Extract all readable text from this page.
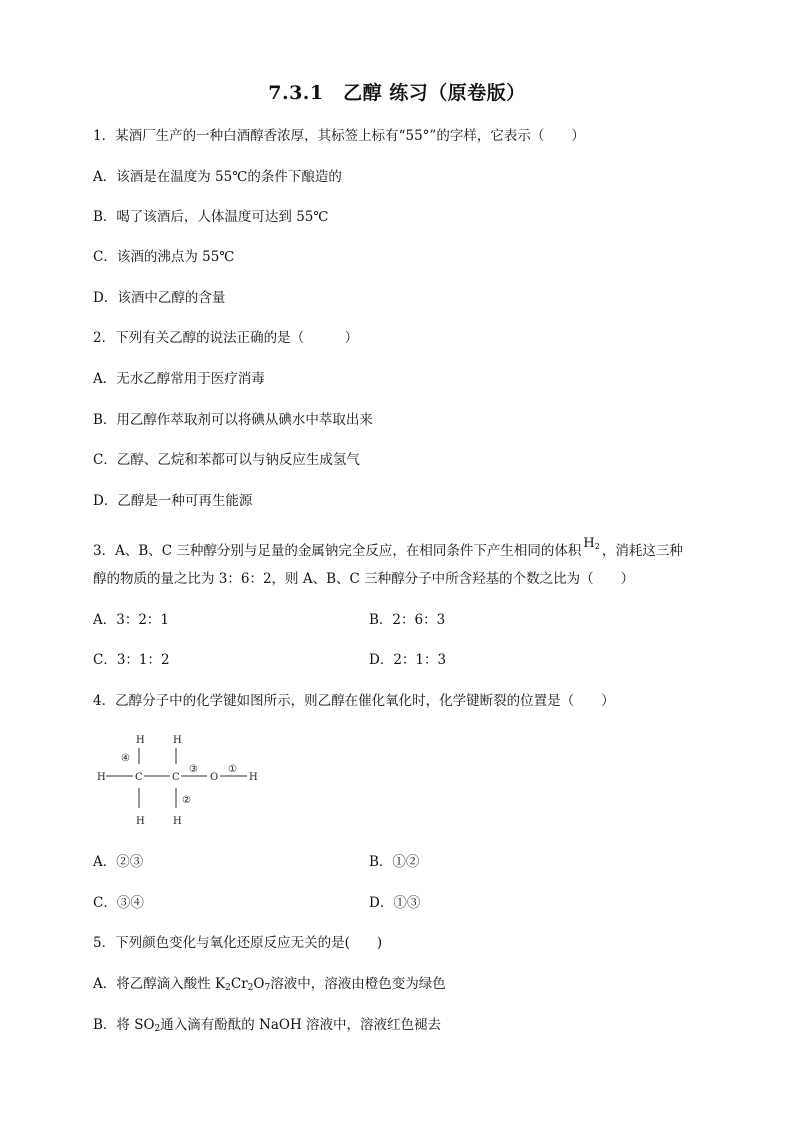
7.3.1　乙醇 练习（原卷版）
1．某酒厂生产的一种白酒醇香浓厚，其标签上标有“55°”的字样，它表示（　　）
A．该酒是在温度为 55℃的条件下酿造的
B．喝了该酒后，人体温度可达到 55℃
C．该酒的沸点为 55℃
D．该酒中乙醇的含量
2．下列有关乙醇的说法正确的是（　　　）
A．无水乙醇常用于医疗消毒
B．用乙醇作萃取剂可以将碘从碘水中萃取出来
C．乙醇、乙烷和苯都可以与钠反应生成氢气
D．乙醇是一种可再生能源
3．A、B、C 三种醇分别与足量的金属钠完全反应，在相同条件下产生相同的体积 $H_2$ ，消耗这三种
醇的物质的量之比为 3：6：2，则 A、B、C 三种醇分子中所含羟基的个数之比为（　　）
A．3：2：1	B．2：6：3
C．3：1：2	D．2：1：3
4．乙醇分子中的化学键如图所示，则乙醇在催化氧化时，化学键断裂的位置是（　　）
H	H
④
H	C	C
③
O
①
H
②
H	H
A．②③	B．①②
C．③④	D．①③
5．下列颜色变化与氧化还原反应无关的是(　　)
A．将乙醇滴入酸性 $K_2Cr_2O_7$溶液中，溶液由橙色变为绿色
B．将 $SO_2$通入滴有酚酞的 NaOH 溶液中，溶液红色褪去
